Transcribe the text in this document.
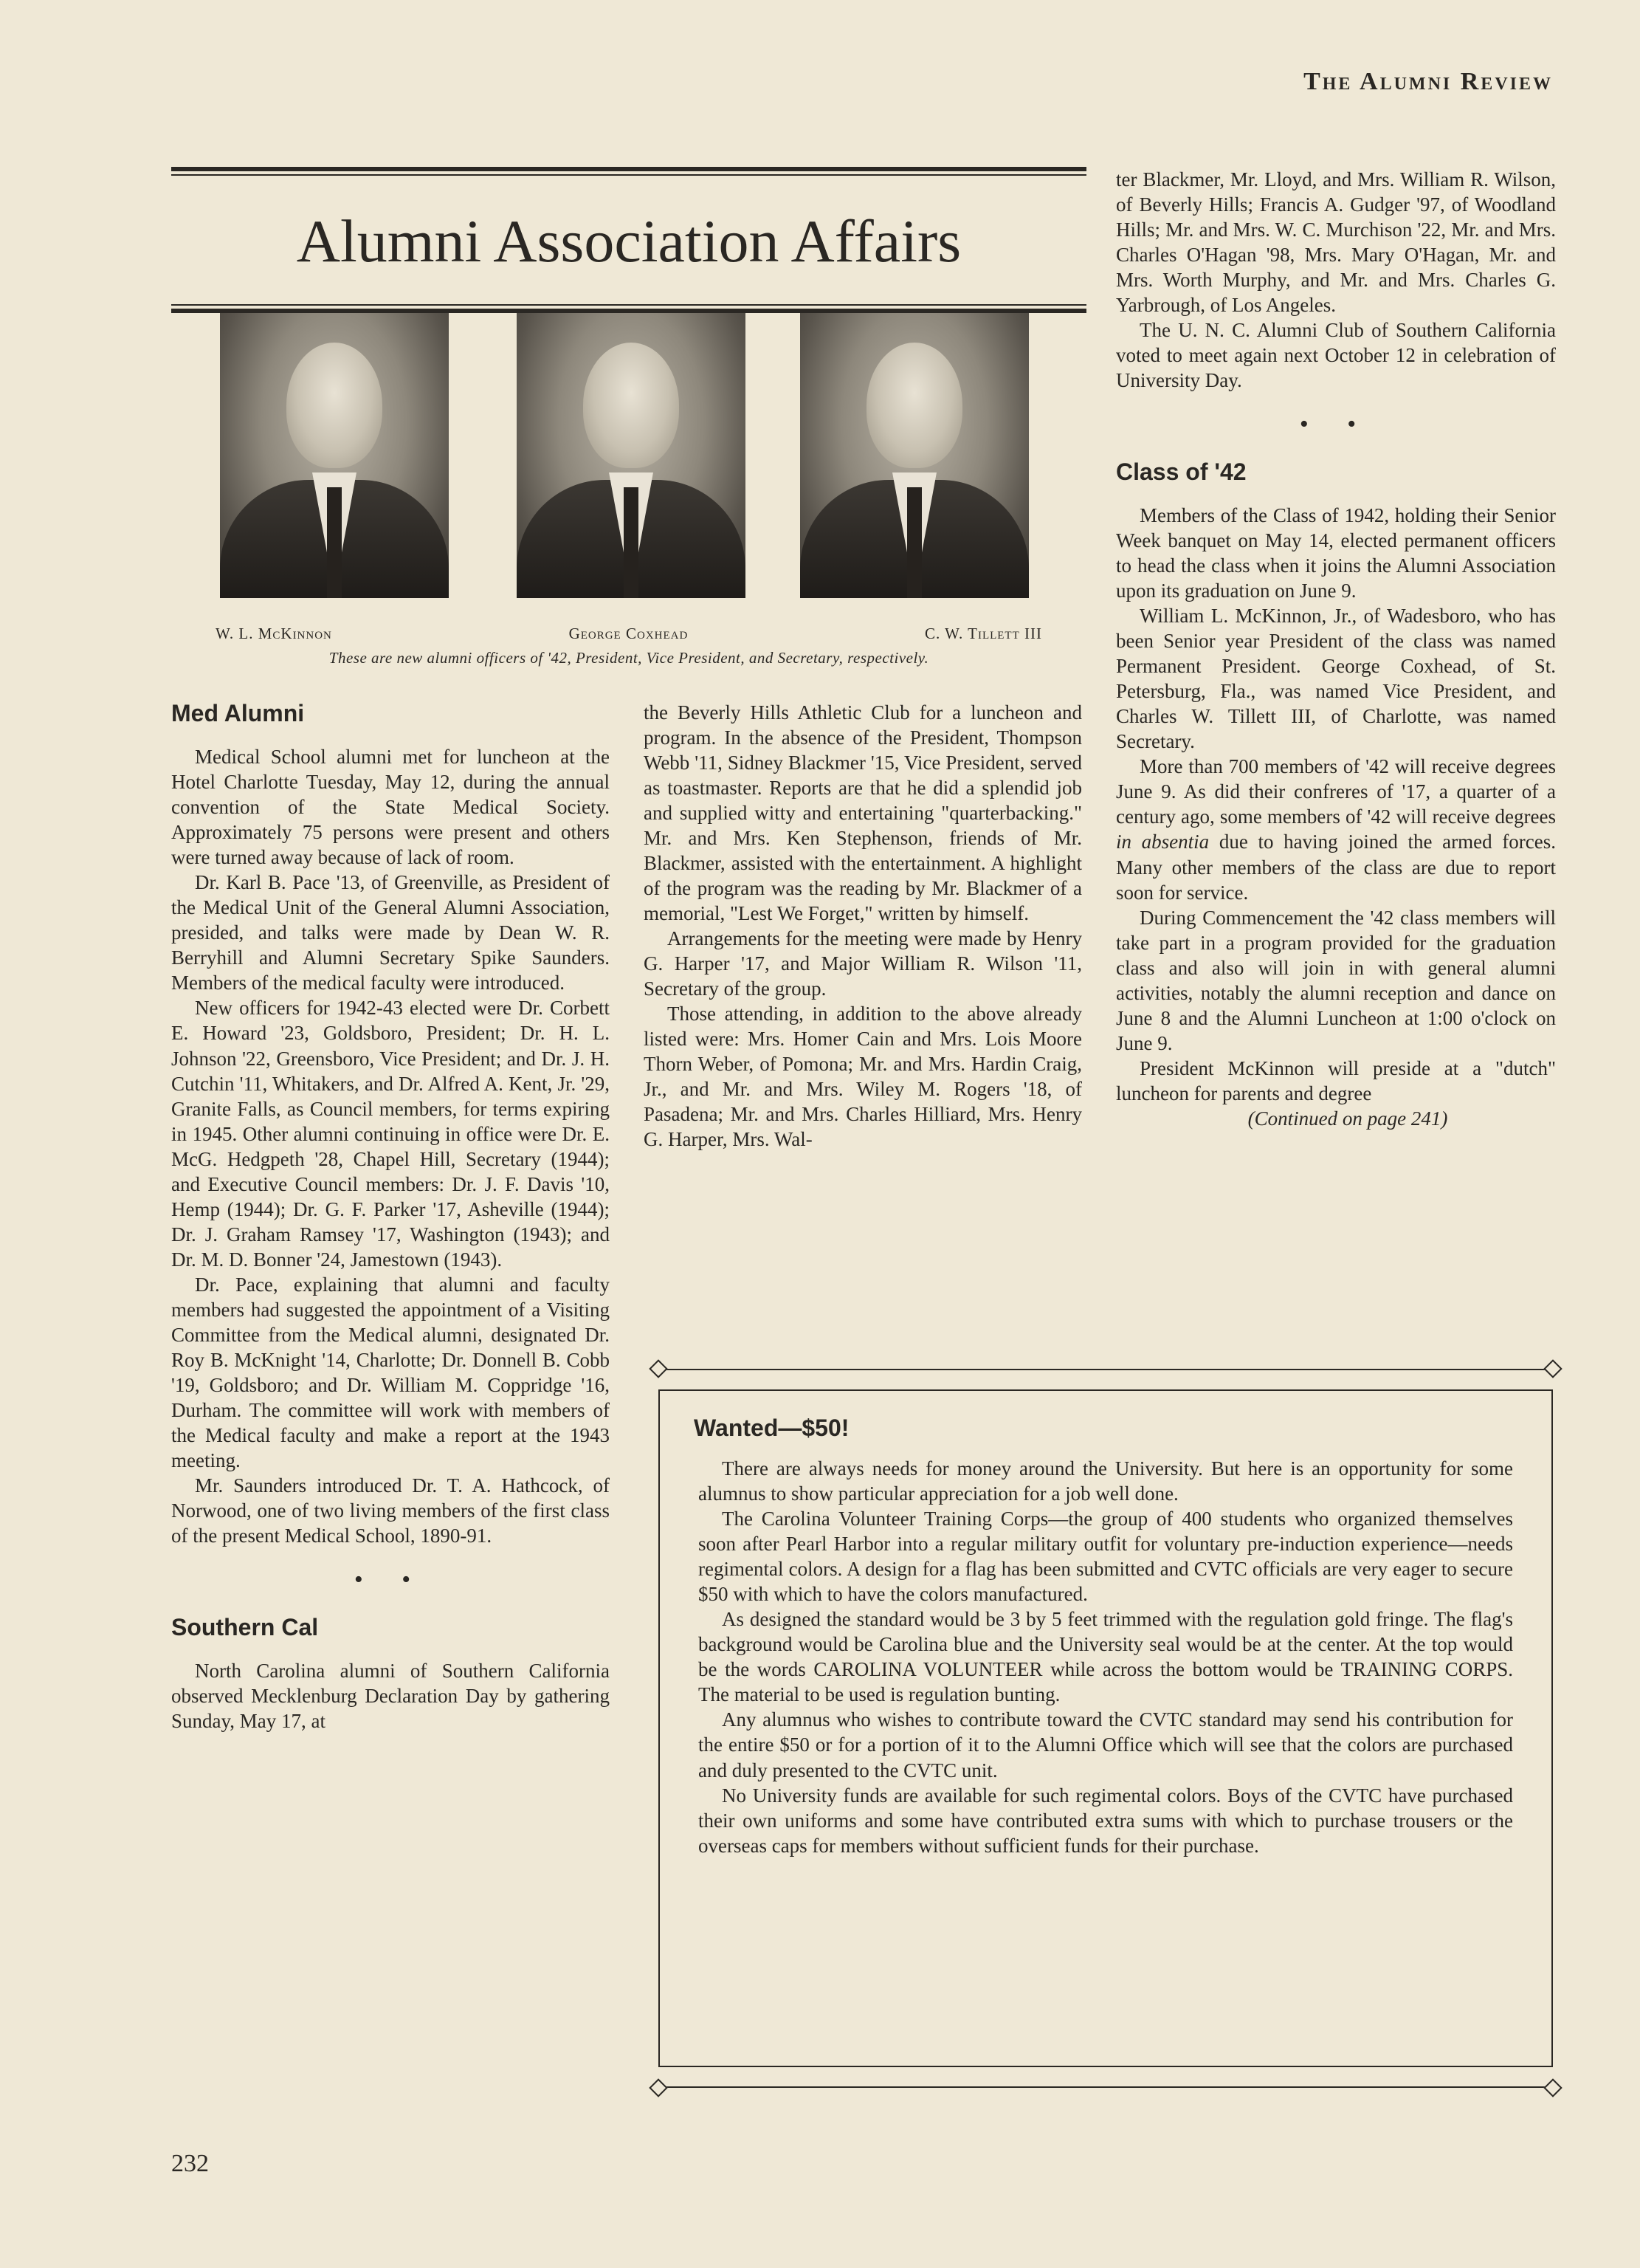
The Alumni Review
Alumni Association Affairs
W. L. McKinnon	George Coxhead	C. W. Tillett III
These are new alumni officers of '42, President, Vice President, and Secretary, respectively.
Med Alumni

Medical School alumni met for luncheon at the Hotel Charlotte Tuesday, May 12, during the annual convention of the State Medical Society. Approximately 75 persons were present and others were turned away because of lack of room.

Dr. Karl B. Pace '13, of Greenville, as President of the Medical Unit of the General Alumni Association, presided, and talks were made by Dean W. R. Berryhill and Alumni Secretary Spike Saunders. Members of the medical faculty were introduced.

New officers for 1942-43 elected were Dr. Corbett E. Howard '23, Goldsboro, President; Dr. H. L. Johnson '22, Greensboro, Vice President; and Dr. J. H. Cutchin '11, Whitakers, and Dr. Alfred A. Kent, Jr. '29, Granite Falls, as Council members, for terms expiring in 1945. Other alumni continuing in office were Dr. E. McG. Hedgpeth '28, Chapel Hill, Secretary (1944); and Executive Council members: Dr. J. F. Davis '10, Hemp (1944); Dr. G. F. Parker '17, Asheville (1944); Dr. J. Graham Ramsey '17, Washington (1943); and Dr. M. D. Bonner '24, Jamestown (1943).

Dr. Pace, explaining that alumni and faculty members had suggested the appointment of a Visiting Committee from the Medical alumni, designated Dr. Roy B. McKnight '14, Charlotte; Dr. Donnell B. Cobb '19, Goldsboro; and Dr. William M. Coppridge '16, Durham. The committee will work with members of the Medical faculty and make a report at the 1943 meeting.

Mr. Saunders introduced Dr. T. A. Hathcock, of Norwood, one of two living members of the first class of the present Medical School, 1890-91.

• •
Southern Cal

North Carolina alumni of Southern California observed Mecklenburg Declaration Day by gathering Sunday, May 17, at

the Beverly Hills Athletic Club for a luncheon and program. In the absence of the President, Thompson Webb '11, Sidney Blackmer '15, Vice President, served as toastmaster. Reports are that he did a splendid job and supplied witty and entertaining "quarterbacking." Mr. and Mrs. Ken Stephenson, friends of Mr. Blackmer, assisted with the entertainment. A highlight of the program was the reading by Mr. Blackmer of a memorial, "Lest We Forget," written by himself.

Arrangements for the meeting were made by Henry G. Harper '17, and Major William R. Wilson '11, Secretary of the group.

Those attending, in addition to the above already listed were: Mrs. Homer Cain and Mrs. Lois Moore Thorn Weber, of Pomona; Mr. and Mrs. Hardin Craig, Jr., and Mr. and Mrs. Wiley M. Rogers '18, of Pasadena; Mr. and Mrs. Charles Hilliard, Mrs. Henry G. Harper, Mrs. Wal-

ter Blackmer, Mr. Lloyd, and Mrs. William R. Wilson, of Beverly Hills; Francis A. Gudger '97, of Woodland Hills; Mr. and Mrs. W. C. Murchison '22, Mr. and Mrs. Charles O'Hagan '98, Mrs. Mary O'Hagan, Mr. and Mrs. Worth Murphy, and Mr. and Mrs. Charles G. Yarbrough, of Los Angeles.

The U. N. C. Alumni Club of Southern California voted to meet again next October 12 in celebration of University Day.

• •
Class of '42

Members of the Class of 1942, holding their Senior Week banquet on May 14, elected permanent officers to head the class when it joins the Alumni Association upon its graduation on June 9.

William L. McKinnon, Jr., of Wadesboro, who has been Senior year President of the class was named Permanent President. George Coxhead, of St. Petersburg, Fla., was named Vice President, and Charles W. Tillett III, of Charlotte, was named Secretary.

More than 700 members of '42 will receive degrees June 9. As did their confreres of '17, a quarter of a century ago, some members of '42 will receive degrees in absentia due to having joined the armed forces. Many other members of the class are due to report soon for service.

During Commencement the '42 class members will take part in a program provided for the graduation class and also will join in with general alumni activities, notably the alumni reception and dance on June 8 and the Alumni Luncheon at 1:00 o'clock on June 9.

President McKinnon will preside at a "dutch" luncheon for parents and degree

(Continued on page 241)

Wanted—$50!

There are always needs for money around the University. But here is an opportunity for some alumnus to show particular appreciation for a job well done.

The Carolina Volunteer Training Corps—the group of 400 students who organized themselves soon after Pearl Harbor into a regular military outfit for voluntary pre-induction experience—needs regimental colors. A design for a flag has been submitted and CVTC officials are very eager to secure $50 with which to have the colors manufactured.

As designed the standard would be 3 by 5 feet trimmed with the regulation gold fringe. The flag's background would be Carolina blue and the University seal would be at the center. At the top would be the words CAROLINA VOLUNTEER while across the bottom would be TRAINING CORPS. The material to be used is regulation bunting.

Any alumnus who wishes to contribute toward the CVTC standard may send his contribution for the entire $50 or for a portion of it to the Alumni Office which will see that the colors are purchased and duly presented to the CVTC unit.

No University funds are available for such regimental colors. Boys of the CVTC have purchased their own uniforms and some have contributed extra sums with which to purchase trousers or the overseas caps for members without sufficient funds for their purchase.

232
